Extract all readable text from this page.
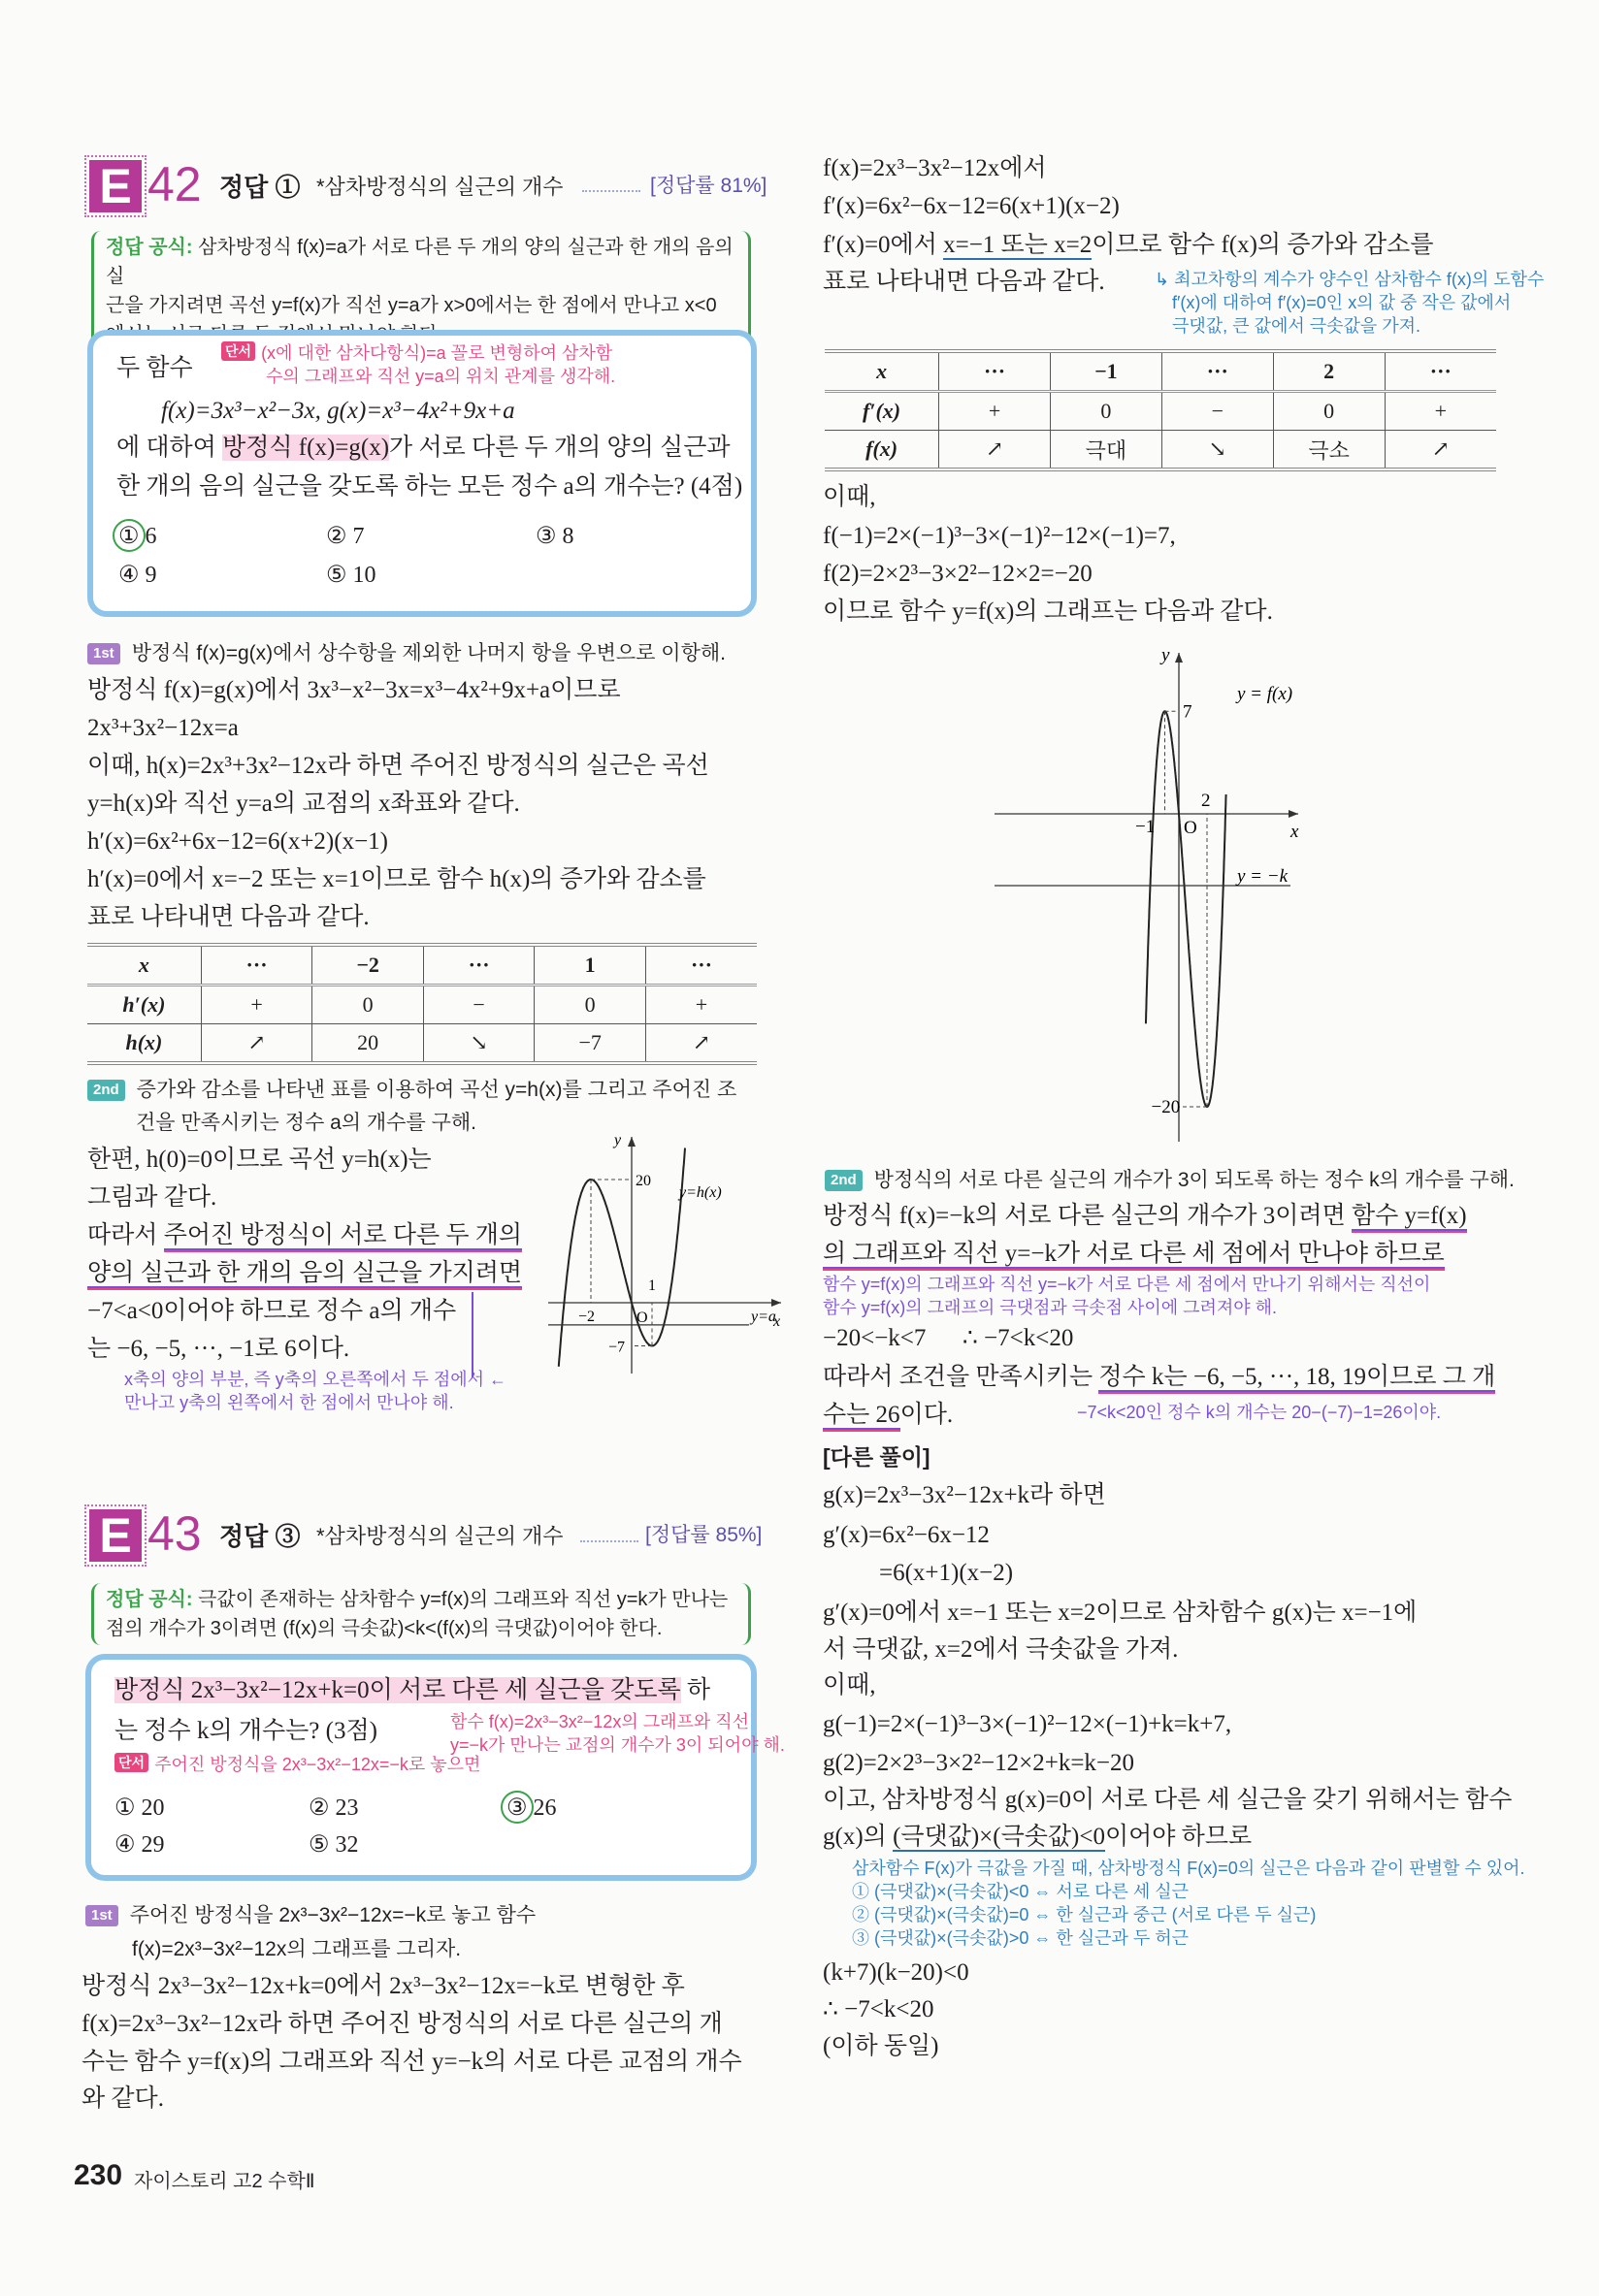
E 42 정답 ① *삼차방정식의 실근의 개수	[정답률 81%]
정답 공식: 삼차방정식 f(x)=a가 서로 다른 두 개의 양의 실근과 한 개의 음의 실
근을 가지려면 곡선 y=f(x)가 직선 y=a가 x>0에서는 한 점에서 만나고 x<0

두 함수
단서 (x에 대한 삼차다항식)=a 꼴로 변형하여 삼차함
수의 그래프와 직선 y=a의 위치 관계를 생각해.
f(x)=3x³−x²−3x, g(x)=x³−4x²+9x+a
에 대하여 방정식 f(x)=g(x)가 서로 다른 두 개의 양의 실근과
한 개의 음의 실근을 갖도록 하는 모든 정수 a의 개수는? (4점)
① 6	② 7	③ 8
④ 9	⑤ 10
1st 방정식 f(x)=g(x)에서 상수항을 제외한 나머지 항을 우변으로 이항해.
방정식 f(x)=g(x)에서 3x³−x²−3x=x³−4x²+9x+a이므로
2x³+3x²−12x=a
이때, h(x)=2x³+3x²−12x라 하면 주어진 방정식의 실근은 곡선
y=h(x)와 직선 y=a의 교점의 x좌표와 같다.
h′(x)=6x²+6x−12=6(x+2)(x−1)
h′(x)=0에서 x=−2 또는 x=1이므로 함수 h(x)의 증가와 감소를
표로 나타내면 다음과 같다.
x	···	−2	···	1	···
h′(x)	+	0	−	0	+
h(x)	↗	20	↘	−7	↗
2nd 증가와 감소를 나타낸 표를 이용하여 곡선 y=h(x)를 그리고 주어진 조
건을 만족시키는 정수 a의 개수를 구해.
한편, h(0)=0이므로 곡선 y=h(x)는
그림과 같다.
따라서 주어진 방정식이 서로 다른 두 개의
양의 실근과 한 개의 음의 실근을 가지려면
−7<a<0이어야 하므로 정수 a의 개수
는 −6, −5, ···, −1로 6이다.
x축의 양의 부분, 즉 y축의 오른쪽에서 두 점에서 ←
만나고 y축의 왼쪽에서 한 점에서 만나야 해.
y
x
O
y=h(x)
y=a
20
−7
−2
1
E 43 정답 ③ *삼차방정식의 실근의 개수	[정답률 85%]
정답 공식: 극값이 존재하는 삼차함수 y=f(x)의 그래프와 직선 y=k가 만나는
점의 개수가 3이려면 (f(x)의 극솟값)<k<(f(x)의 극댓값)이어야 한다.
방정식 2x³−3x²−12x+k=0이 서로 다른 세 실근을 갖도록 하
는 정수 k의 개수는? (3점)
단서 주어진 방정식을 2x³−3x²−12x=−k로 놓으면
함수 f(x)=2x³−3x²−12x의 그래프와 직선
y=−k가 만나는 교점의 개수가 3이 되어야 해.
① 20	② 23	③ 26
④ 29	⑤ 32
1st 주어진 방정식을 2x³−3x²−12x=−k로 놓고 함수
f(x)=2x³−3x²−12x의 그래프를 그리자.
방정식 2x³−3x²−12x+k=0에서 2x³−3x²−12x=−k로 변형한 후
f(x)=2x³−3x²−12x라 하면 주어진 방정식의 서로 다른 실근의 개
수는 함수 y=f(x)의 그래프와 직선 y=−k의 서로 다른 교점의 개수
와 같다.
230 자이스토리 고2 수학Ⅱ
f(x)=2x³−3x²−12x에서
f′(x)=6x²−6x−12=6(x+1)(x−2)
f′(x)=0에서 x=−1 또는 x=2이므로 함수 f(x)의 증가와 감소를
표로 나타내면 다음과 같다.	↳ 최고차항의 계수가 양수인 삼차함수 f(x)의 도함수
f′(x)에 대하여 f′(x)=0인 x의 값 중 작은 값에서
극댓값, 큰 값에서 극솟값을 가져.
x	···	−1	···	2	···
f′(x)	+	0	−	0	+
f(x)	↗	극대	↘	극소	↗
이때,
f(−1)=2×(−1)³−3×(−1)²−12×(−1)=7,
f(2)=2×2³−3×2²−12×2=−20
이므로 함수 y=f(x)의 그래프는 다음과 같다.
y
x
O
y = f(x)
y = −k
7
−20
−1
2
2nd 방정식의 서로 다른 실근의 개수가 3이 되도록 하는 정수 k의 개수를 구해.
방정식 f(x)=−k의 서로 다른 실근의 개수가 3이려면 함수 y=f(x)
의 그래프와 직선 y=−k가 서로 다른 세 점에서 만나야 하므로
함수 y=f(x)의 그래프와 직선 y=−k가 서로 다른 세 점에서 만나기 위해서는 직선이
함수 y=f(x)의 그래프의 극댓점과 극솟점 사이에 그려져야 해.
−20<−k<7      ∴ −7<k<20
따라서 조건을 만족시키는 정수 k는 −6, −5, ···, 18, 19이므로 그 개
수는 26이다.	−7<k<20인 정수 k의 개수는 20−(−7)−1=26이야.
[다른 풀이]
g(x)=2x³−3x²−12x+k라 하면
g′(x)=6x²−6x−12
=6(x+1)(x−2)
g′(x)=0에서 x=−1 또는 x=2이므로 삼차함수 g(x)는 x=−1에
서 극댓값, x=2에서 극솟값을 가져.
이때,
g(−1)=2×(−1)³−3×(−1)²−12×(−1)+k=k+7,
g(2)=2×2³−3×2²−12×2+k=k−20
이고, 삼차방정식 g(x)=0이 서로 다른 세 실근을 갖기 위해서는 함수
g(x)의 (극댓값)×(극솟값)<0이어야 하므로
삼차함수 F(x)가 극값을 가질 때, 삼차방정식 F(x)=0의 실근은 다음과 같이 판별할 수 있어.
① (극댓값)×(극솟값)<0 ⇔ 서로 다른 세 실근
② (극댓값)×(극솟값)=0 ⇔ 한 실근과 중근 (서로 다른 두 실근)
③ (극댓값)×(극솟값)>0 ⇔ 한 실근과 두 허근
(k+7)(k−20)<0
∴ −7<k<20
(이하 동일)
